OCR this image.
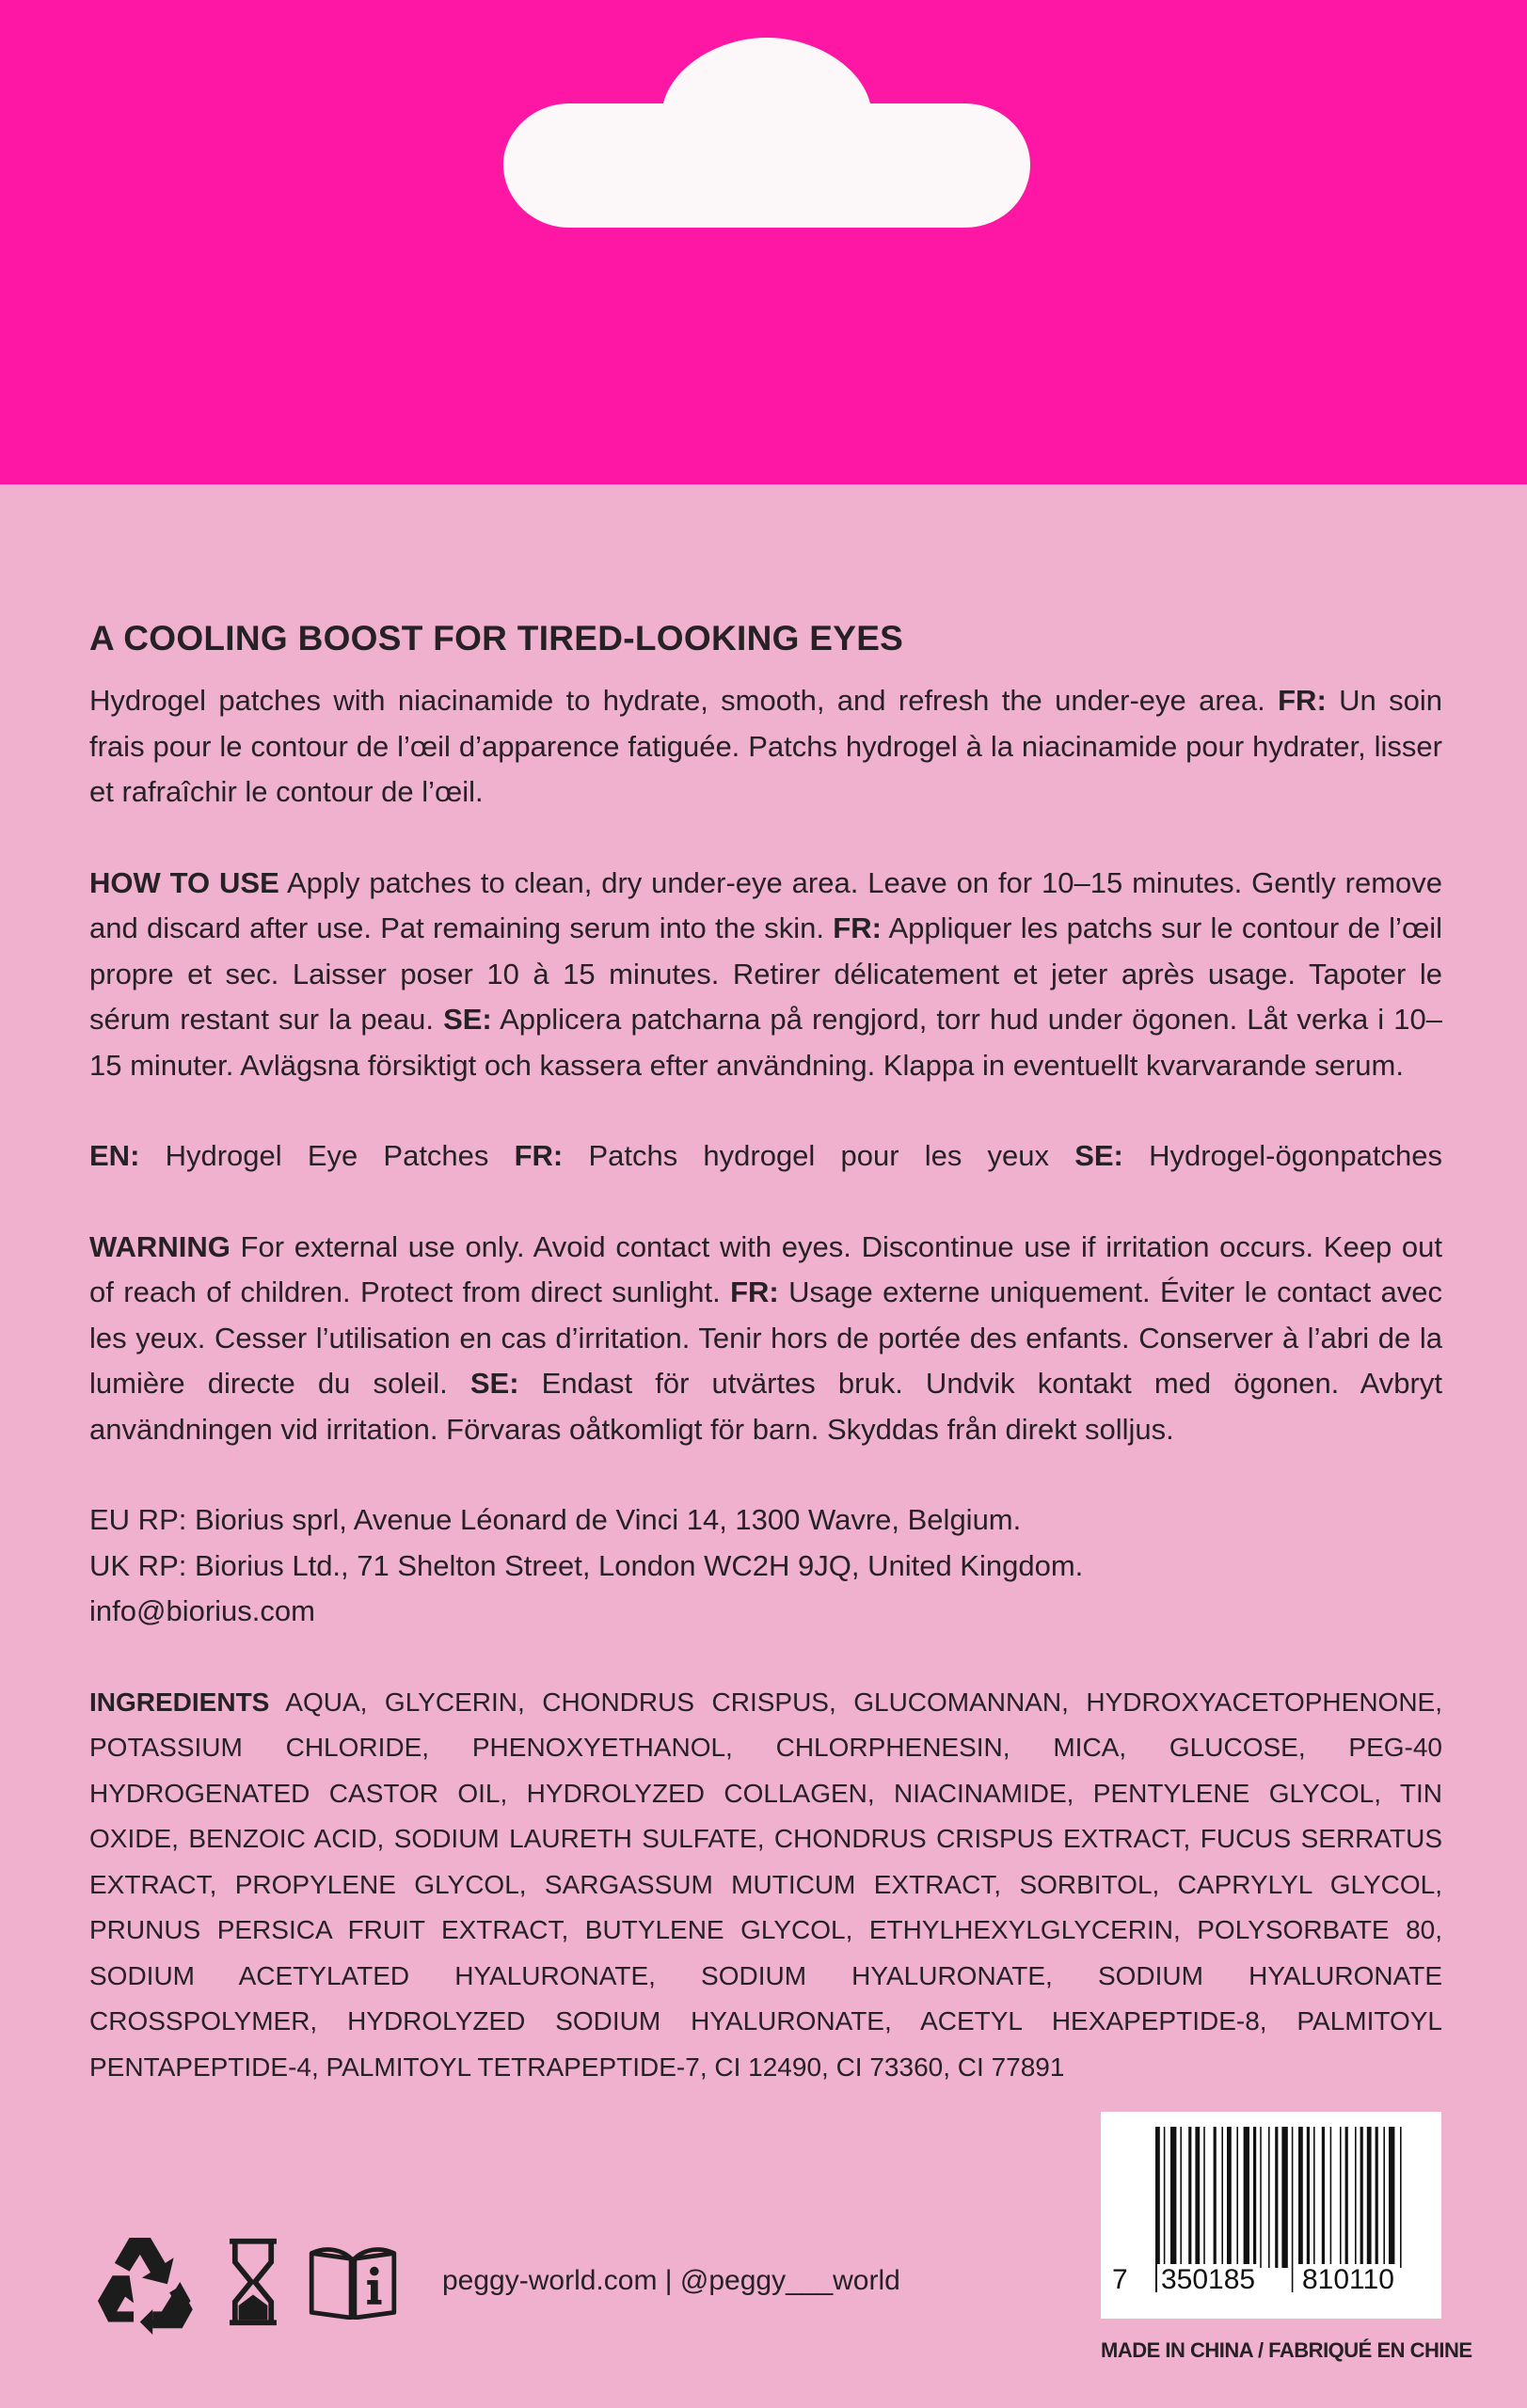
A COOLING BOOST FOR TIRED-LOOKING EYES
Hydrogel patches with niacinamide to hydrate, smooth, and refresh the under-eye area. FR: Un soin frais pour le contour de l’œil d’apparence fatiguée. Patchs hydrogel à la niacinamide pour hydrater, lisser et rafraîchir le contour de l’œil.
HOW TO USE Apply patches to clean, dry under-eye area. Leave on for 10–15 minutes. Gently remove and discard after use. Pat remaining serum into the skin. FR: Appliquer les patchs sur le contour de l’œil propre et sec. Laisser poser 10 à 15 minutes. Retirer délicatement et jeter après usage. Tapoter le sérum restant sur la peau. SE: Applicera patcharna på rengjord, torr hud under ögonen. Låt verka i 10–15 minuter. Avlägsna försiktigt och kassera efter användning. Klappa in eventuellt kvarvarande serum.
EN: Hydrogel Eye Patches FR: Patchs hydrogel pour les yeux SE: Hydrogel-ögonpatches
WARNING For external use only. Avoid contact with eyes. Discontinue use if irritation occurs. Keep out of reach of children. Protect from direct sunlight. FR: Usage externe uniquement. Éviter le contact avec les yeux. Cesser l’utilisation en cas d’irritation. Tenir hors de portée des enfants. Conserver à l’abri de la lumière directe du soleil. SE: Endast för utvärtes bruk. Undvik kontakt med ögonen. Avbryt användningen vid irritation. Förvaras oåtkomligt för barn. Skyddas från direkt solljus.
EU RP: Biorius sprl, Avenue Léonard de Vinci 14, 1300 Wavre, Belgium.
UK RP: Biorius Ltd., 71 Shelton Street, London WC2H 9JQ, United Kingdom.
info@biorius.com
INGREDIENTS AQUA, GLYCERIN, CHONDRUS CRISPUS, GLUCOMANNAN, HYDROXYACETOPHENONE, POTASSIUM CHLORIDE, PHENOXYETHANOL, CHLORPHENESIN, MICA, GLUCOSE, PEG-40 HYDROGENATED CASTOR OIL, HYDROLYZED COLLAGEN, NIACINAMIDE, PENTYLENE GLYCOL, TIN OXIDE, BENZOIC ACID, SODIUM LAURETH SULFATE, CHONDRUS CRISPUS EXTRACT, FUCUS SERRATUS EXTRACT, PROPYLENE GLYCOL, SARGASSUM MUTICUM EXTRACT, SORBITOL, CAPRYLYL GLYCOL, PRUNUS PERSICA FRUIT EXTRACT, BUTYLENE GLYCOL, ETHYLHEXYLGLYCERIN, POLYSORBATE 80, SODIUM ACETYLATED HYALURONATE, SODIUM HYALURONATE, SODIUM HYALURONATE CROSSPOLYMER, HYDROLYZED SODIUM HYALURONATE, ACETYL HEXAPEPTIDE-8, PALMITOYL PENTAPEPTIDE-4, PALMITOYL TETRAPEPTIDE-7, CI 12490, CI 73360, CI 77891
peggy-world.com | @peggy___world	7 350185 810110
MADE IN CHINA / FABRIQUÉ EN CHINE
